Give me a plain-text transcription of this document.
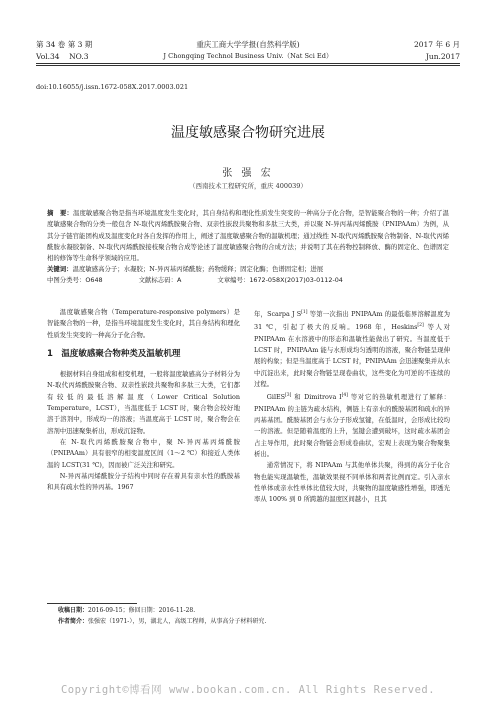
第 34 卷 第 3 期	重庆工商大学学报(自然科学版)	2017 年 6 月
Vol.34    NO.3	J Chongqing Technol Business Univ.（Nat Sci Ed）	Jun.2017
doi:10.16055/j.issn.1672-058X.2017.0003.021
温度敏感聚合物研究进展
张 强 宏
（西南技术工程研究所，重庆 400039）
摘　要：温度敏感聚合物是指当环境温度发生变化时，其自身结构和理化性质发生突变的一种高分子化合物，是智能聚合物的一种；介绍了温度敏感聚合物的分类一般包含 N-取代丙烯酰胺聚合物、双亲性嵌段共聚物和多肽三大类，并以聚 N-异丙基丙烯酰胺（PNIPAAm）为例，从其分子链官能团构成及温度变化时各自发挥的作用上，阐述了温度敏感聚合物的温敏机理；通过线性 N-取代丙烯酰胺聚合物制备、N-取代丙烯酰胺水凝胶制备、N-取代丙烯酰胺接枝聚合物合成等论述了温度敏感聚合物的合成方法；并说明了其在药物控制释放、酶的固定化、色谱固定相的修饰等生命科学领域的应用。
关键词：温度敏感高分子；水凝胶；N-异丙基丙烯酰胺；药物缓释；固定化酶；色谱固定相；进展
中图分类号：O648	文献标志码：A	文章编号：1672-058X(2017)03-0112-04

温度敏感聚合物（Temperature-responsive polymers）是智能聚合物的一种，是指当环境温度发生变化时，其自身结构和理化性质发生突变的一种高分子化合物。

1　温度敏感聚合物种类及温敏机理

根据材料自身组成和相变机理，一般将温度敏感高分子材料分为 N-取代丙烯酰胺聚合物、双亲性嵌段共聚物和多肽三大类，它们都有较低的最低溶解温度（Lower Critical Solution Temperature，LCST），当温度低于 LCST 时，聚合物会较好地溶于溶剂中，形成均一的溶液；当温度高于 LCST 时，聚合物会在溶剂中迅速聚集析出，形成沉淀物。

在 N-取代丙烯酰胺聚合物中，聚 N-异丙基丙烯酰胺（PNIPAAm）具有很窄的相变温度区间（1～2 ℃）和接近人类体温的 LCST(31 ℃)，因而被广泛关注和研究。

N-异丙基丙烯酰胺分子结构中同时存在着具有亲水性的酰胺基和具有疏水性的异丙基。1967

年，Scarpa J S[1] 等第一次指出 PNIPAAm 的最低临界溶解温度为 31 ℃，引起了极大的反响。1968 年，Heskins[2] 等人对 PNIPAAm 在水溶液中的形态和温敏性能做出了研究。当温度低于 LCST 时，PNIPAAm 能与水形成均匀透明的溶液，聚合物链呈现伸展的构象；但是当温度高于 LCST 时，PNIPAAm 会迅速聚集并从水中沉淀出来，此时聚合物链呈现卷曲状，这些变化为可逆的不连续的过程。

GilES[3] 和 Dimitrova I[4] 等对它的热敏机理进行了解释：PNIPAAm 的主链为疏水结构，侧链上有亲水的酰胺基团和疏水的异丙基基团。酰胺基团会与水分子形成氢键，在低温时，会形成比较均一的溶液。但是随着温度的上升，氢键会遭到破坏，这时疏水基团会占主导作用，此时聚合物链会形成卷曲状，宏观上表现为聚合物聚集析出。

通常情况下，将 NIPAAm 与其他单体共聚，得到的高分子化合物也能实现温敏性，温敏效果视不同单体和两者比例而定。引入亲水性单体或亲水性单体比值较大时，共聚物的温度敏感性增强，即透光率从 100% 到 0 所跨越的温度区间越小，且其

收稿日期：2016-09-15；修回日期：2016-11-28.
作者简介：张强宏（1971-），男，湖北人，高级工程师，从事高分子材料研究.
Copyright©博看网 www.bookan.com.cn. All Rights Reserved.
